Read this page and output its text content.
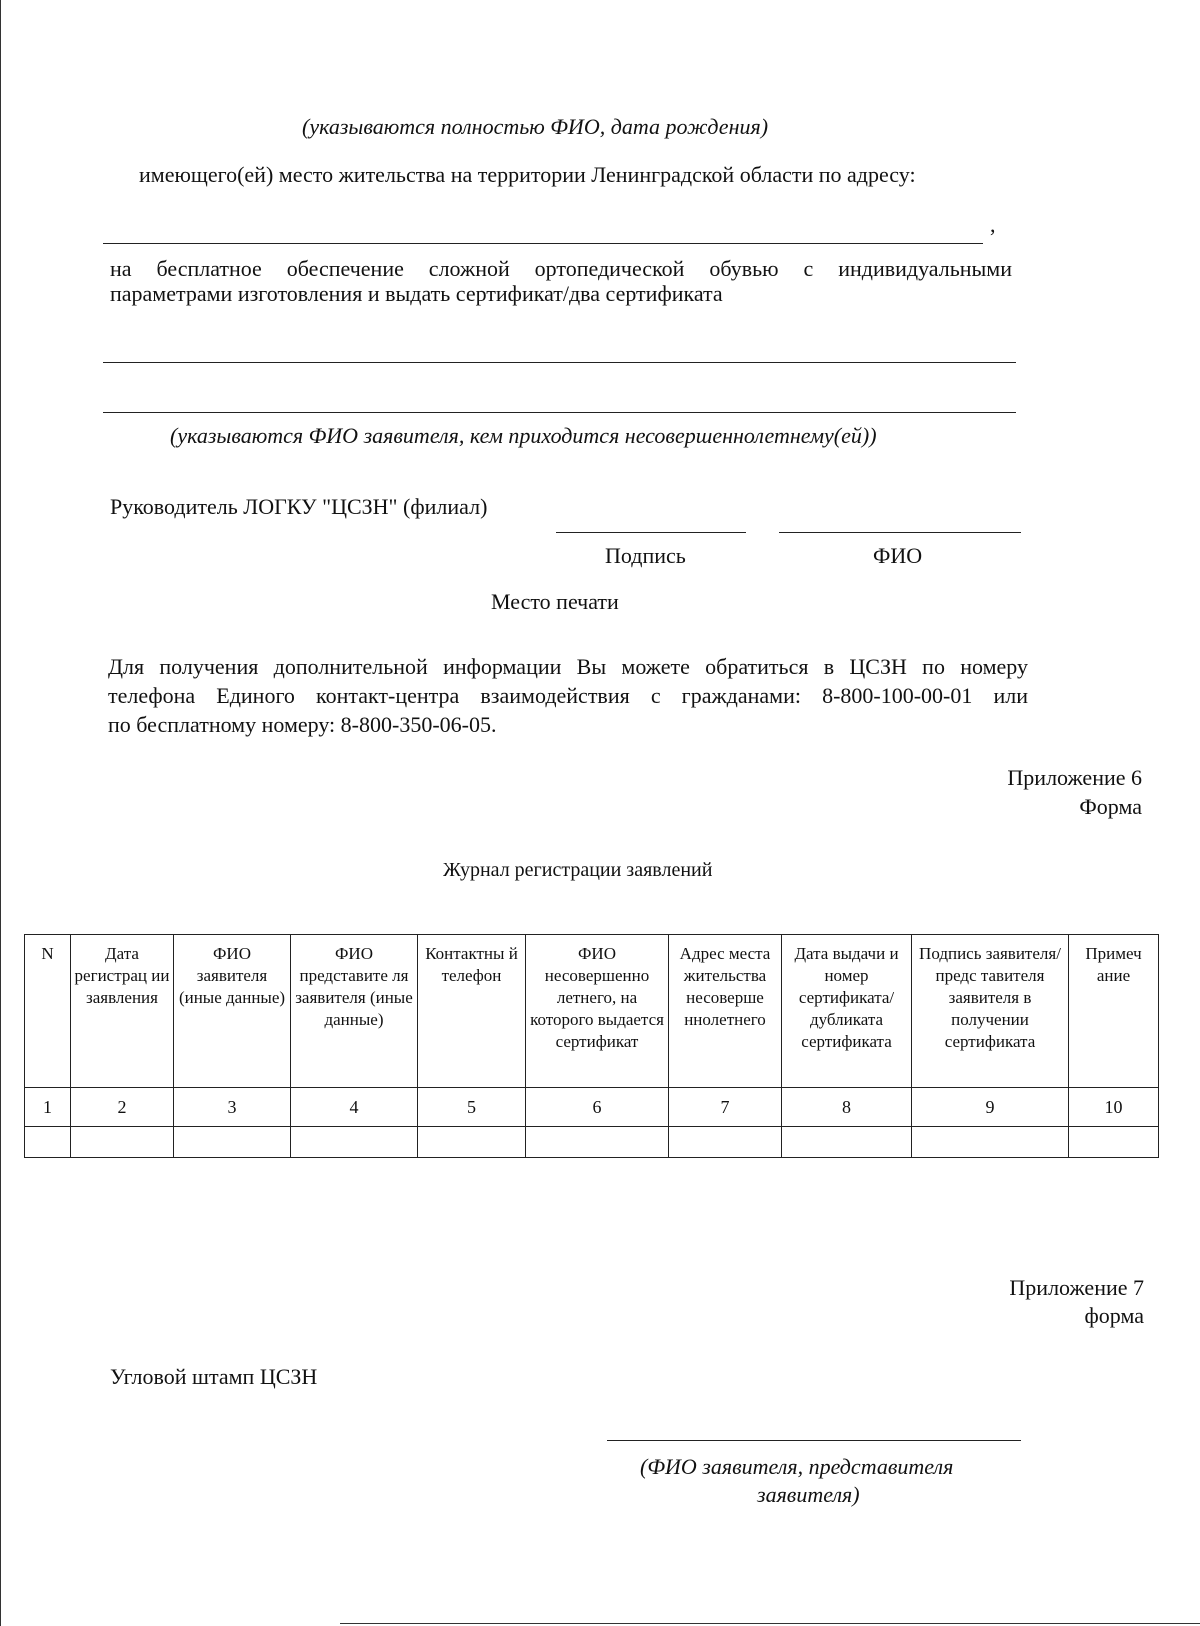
(указываются полностью ФИО, дата рождения)
имеющего(ей) место жительства на территории Ленинградской области по адресу:
,
на бесплатное обеспечение сложной ортопедической обувью с индивидуальными
параметрами изготовления и выдать сертификат/два сертификата
(указываются ФИО заявителя, кем приходится несовершеннолетнему(ей))
Руководитель ЛОГКУ "ЦСЗН" (филиал)
Подпись	ФИО
Место печати
Для получения дополнительной информации Вы можете обратиться в ЦСЗН по номеру
телефона Единого контакт-центра взаимодействия с гражданами: 8-800-100-00-01 или
по бесплатному номеру: 8-800-350-06-05.
Приложение 6
Форма
Журнал регистрации заявлений
N	Дата регистрац ии заявления	ФИО заявителя (иные данные)	ФИО представите ля заявителя (иные данные)	Контактны й телефон	ФИО несовершенно летнего, на которого выдается сертификат	Адрес места жительства несоверше ннолетнего	Дата выдачи и номер сертификата/ дубликата сертификата	Подпись заявителя/предс тавителя заявителя в получении сертификата	Примеч ание
1	2	3	4	5	6	7	8	9	10

Приложение 7
форма
Угловой штамп ЦСЗН
(ФИО заявителя, представителя
заявителя)
